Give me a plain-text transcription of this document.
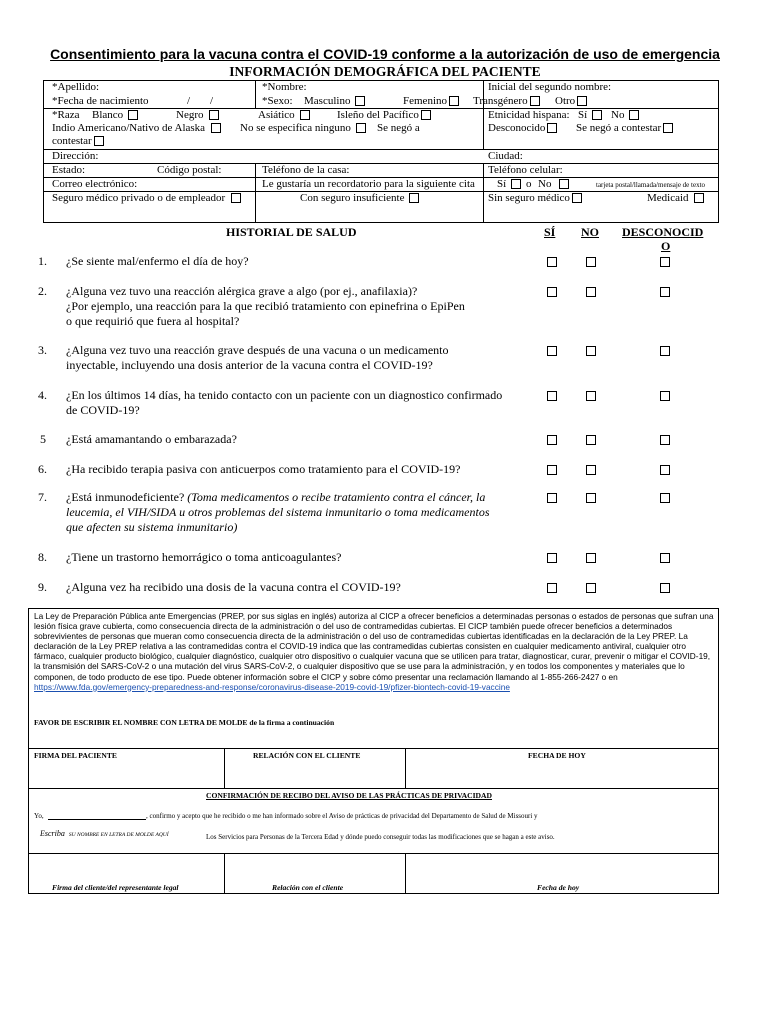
Consentimiento para la vacuna contra el COVID-19 conforme a la autorización de uso de emergencia
INFORMACIÓN DEMOGRÁFICA DEL PACIENTE
*Apellido:	*Nombre:	Inicial del segundo nombre:
*Fecha de nacimiento	/ /	*Sexo: Masculino	Femenino	Transgénero	Otro
*Raza Blanco	Negro	Asiático	Isleño del Pacífico
Indio Americano/Nativo de Alaska	No se especifica ninguno	Se negó a
contestar
Etnicidad hispana: Sí	No
Desconocido	Se negó a contestar
Dirección:	Ciudad:
Estado:	Código postal:	Teléfono de la casa:	Teléfono celular:
Correo electrónico:	Le gustaría un recordatorio para la siguiente cita Sí	o No	tarjeta postal/llamada/mensaje de texto
Seguro médico privado o de empleador	Con seguro insuficiente	Sin seguro médico	Medicaid
HISTORIAL DE SALUD	SÍ NO DESCONOCID
O
1. ¿Se siente mal/enfermo el día de hoy?
2. ¿Alguna vez tuvo una reacción alérgica grave a algo (por ej., anafilaxia)?
¿Por ejemplo, una reacción para la que recibió tratamiento con epinefrina o EpiPen
o que requirió que fuera al hospital?
3. ¿Alguna vez tuvo una reacción grave después de una vacuna o un medicamento
inyectable, incluyendo una dosis anterior de la vacuna contra el COVID-19?
4. ¿En los últimos 14 días, ha tenido contacto con un paciente con un diagnostico confirmado
de COVID-19?
5 ¿Está amamantando o embarazada?
6. ¿Ha recibido terapia pasiva con anticuerpos como tratamiento para el COVID-19?
7. ¿Está inmunodeficiente? (Toma medicamentos o recibe tratamiento contra el cáncer, la
leucemia, el VIH/SIDA u otros problemas del sistema inmunitario o toma medicamentos
que afecten su sistema inmunitario)
8. ¿Tiene un trastorno hemorrágico o toma anticoagulantes?
9. ¿Alguna vez ha recibido una dosis de la vacuna contra el COVID-19?
La Ley de Preparación Pública ante Emergencias (PREP, por sus siglas en inglés) autoriza al CICP a ofrecer beneficios a determinadas personas o estados de personas que sufran una lesión física grave cubierta, como consecuencia directa de la administración o del uso de contramedidas cubiertas. El CICP también puede ofrecer beneficios a determinados sobrevivientes de personas que mueran como consecuencia directa de la administración o del uso de contramedidas cubiertas identificadas en la declaración de la Ley PREP. La declaración de la Ley PREP relativa a las contramedidas contra el COVID-19 indica que las contramedidas cubiertas consisten en cualquier medicamento antiviral, cualquier otro fármaco, cualquier producto biológico, cualquier diagnóstico, cualquier otro dispositivo o cualquier vacuna que se utilicen para tratar, diagnosticar, curar, prevenir o mitigar el COVID-19, la transmisión del SARS-CoV-2 o una mutación del virus SARS-CoV-2, o cualquier dispositivo que se use para la administración, y en todos los componentes y materiales que lo componen, de todo producto de ese tipo. Puede obtener información sobre el CICP y sobre cómo presentar una reclamación llamando al 1-855-266-2427 o en https://www.fda.gov/emergency-preparedness-and-response/coronavirus-disease-2019-covid-19/pfizer-biontech-covid-19-vaccine
FAVOR DE ESCRIBIR EL NOMBRE CON LETRA DE MOLDE de la firma a continuación
FIRMA DEL PACIENTE	RELACIÓN CON EL CLIENTE	FECHA DE HOY
CONFIRMACIÓN DE RECIBO DEL AVISO DE LAS PRÁCTICAS DE PRIVACIDAD
Yo,	, confirmo y acepto que he recibido o me han informado sobre el Aviso de prácticas de privacidad del Departamento de Salud de Missouri y
Escriba SU NOMBRE EN LETRA DE MOLDE AQUÍ	Los Servicios para Personas de la Tercera Edad y dónde puedo conseguir todas las modificaciones que se hagan a este aviso.
Firma del cliente/del representante legal	Relación con el cliente	Fecha de hoy
